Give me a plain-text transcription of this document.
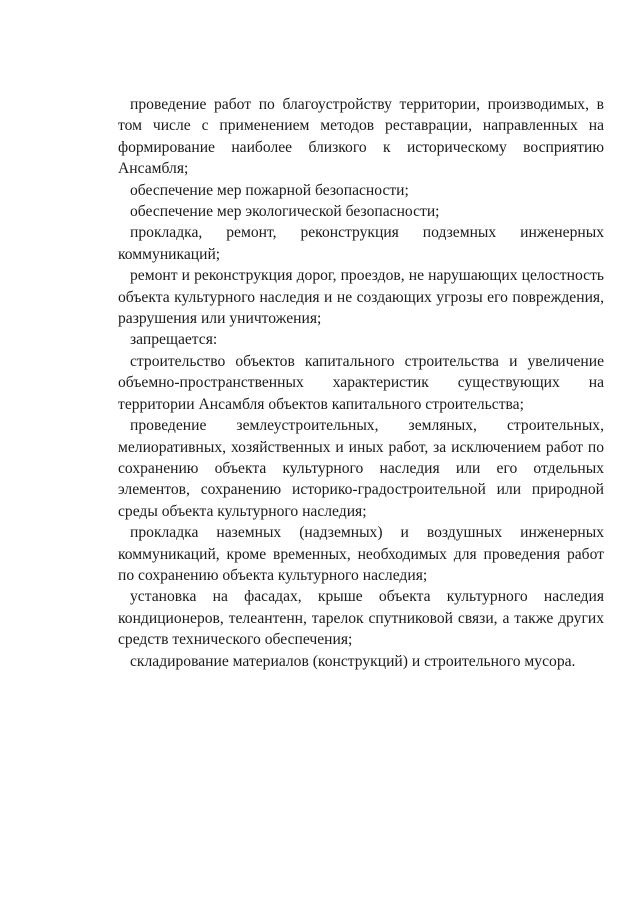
проведение работ по благоустройству территории, производимых, в том числе с применением методов реставрации, направленных на формирование наиболее близкого к историческому восприятию Ансамбля;

обеспечение мер пожарной безопасности;

обеспечение мер экологической безопасности;

прокладка, ремонт, реконструкция подземных инженерных коммуникаций;

ремонт и реконструкция дорог, проездов, не нарушающих целостность объекта культурного наследия и не создающих угрозы его повреждения, разрушения или уничтожения;

запрещается:

строительство объектов капитального строительства и увеличение объемно-пространственных характеристик существующих на территории Ансамбля объектов капитального строительства;

проведение землеустроительных, земляных, строительных, мелиоративных, хозяйственных и иных работ, за исключением работ по сохранению объекта культурного наследия или его отдельных элементов, сохранению историко-градостроительной или природной среды объекта культурного наследия;

прокладка наземных (надземных) и воздушных инженерных коммуникаций, кроме временных, необходимых для проведения работ по сохранению объекта культурного наследия;

установка на фасадах, крыше объекта культурного наследия кондиционеров, телеантенн, тарелок спутниковой связи, а также других средств технического обеспечения;

складирование материалов (конструкций) и строительного мусора.
